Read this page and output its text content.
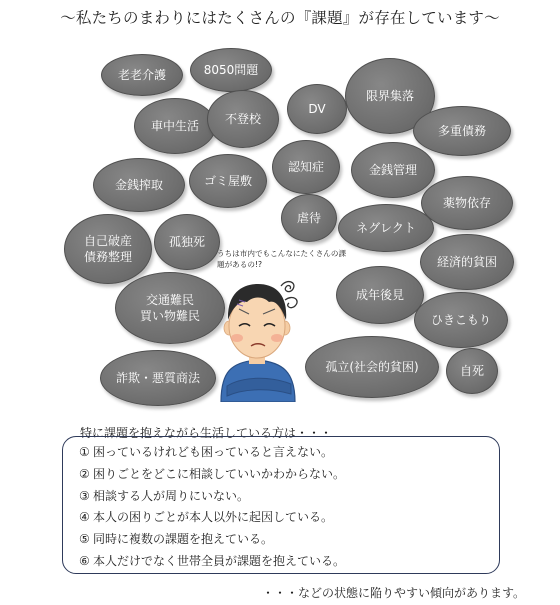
～私たちのまわりにはたくさんの『課題』が存在しています～
老老介護	8050問題
車中生活	不登校
DV
限界集落
多重債務
金銭搾取	ゴミ屋敷
認知症	金銭管理
薬物依存
虐待
ネグレクト
自己破産
債務整理
孤独死
経済的貧困
成年後見
交通難民
買い物難民	ひきこもり
孤立(社会的貧困)	自死
詐欺・悪質商法
うちは市内でもこんなにたくさんの課題があるの!?
特に課題を抱えながら生活している方は・・・
① 困っているけれども困っていると言えない。
② 困りごとをどこに相談していいかわからない。
③ 相談する人が周りにいない。
④ 本人の困りごとが本人以外に起因している。
⑤ 同時に複数の課題を抱えている。
⑥ 本人だけでなく世帯全員が課題を抱えている。
・・・などの状態に陥りやすい傾向があります。
